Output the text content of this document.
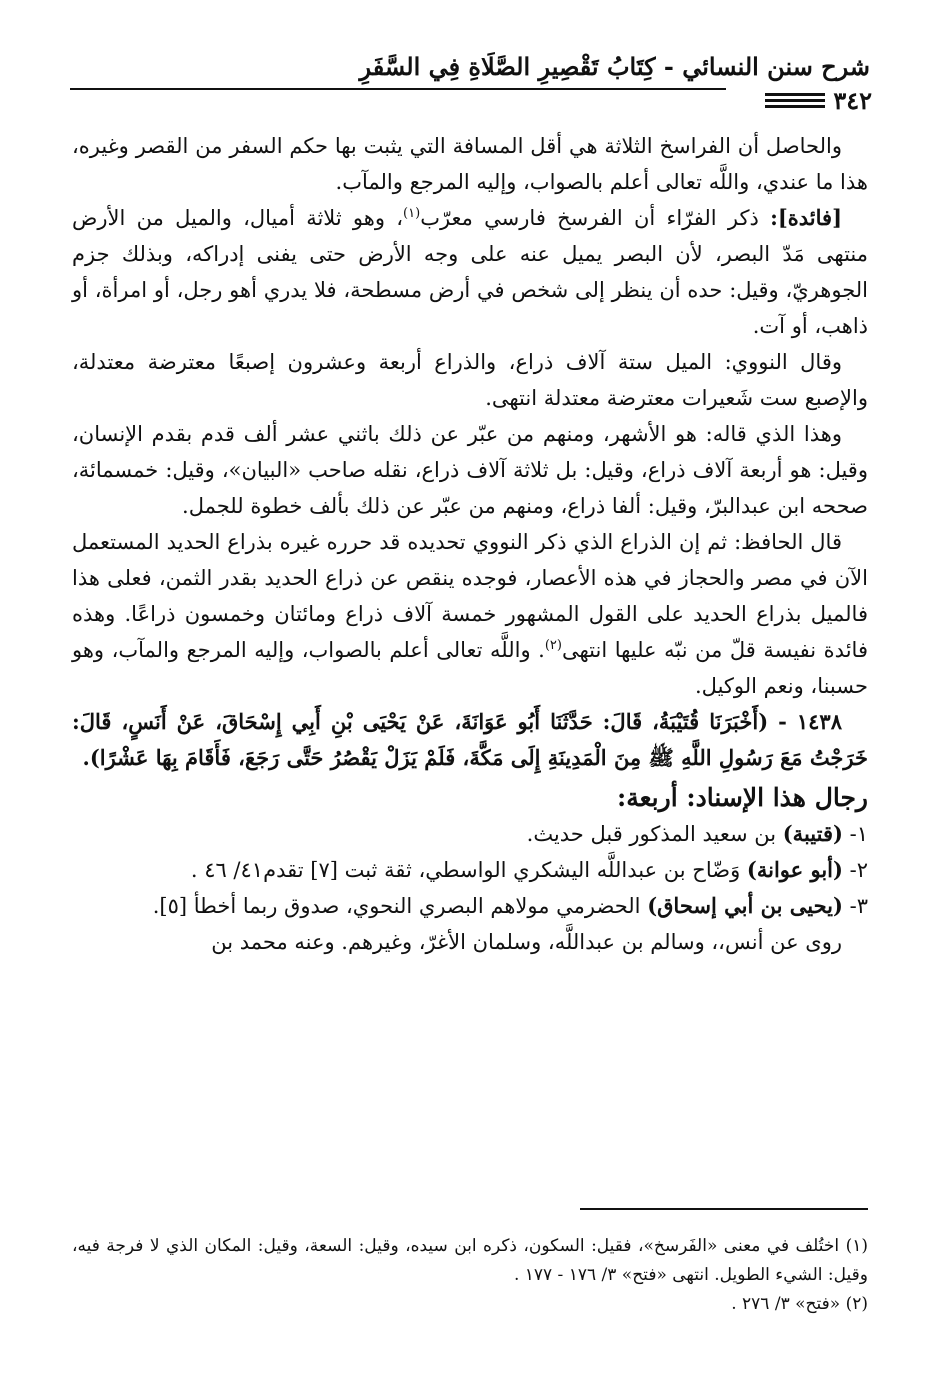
شرح سنن النسائي - كِتَابُ تَقْصِيرِ الصَّلَاةِ فِي السَّفَرِ
٣٤٢

والحاصل أن الفراسخ الثلاثة هي أقل المسافة التي يثبت بها حكم السفر من القصر وغيره، هذا ما عندي، واللَّه تعالى أعلم بالصواب، وإليه المرجع والمآب.

[فائدة]: ذكر الفرّاء أن الفرسخ فارسي معرّب$^{(١)}$، وهو ثلاثة أميال، والميل من الأرض منتهى مَدّ البصر، لأن البصر يميل عنه على وجه الأرض حتى يفنى إدراكه، وبذلك جزم الجوهريّ، وقيل: حده أن ينظر إلى شخص في أرض مسطحة، فلا يدري أهو رجل، أو امرأة، أو ذاهب، أو آت.

وقال النووي: الميل ستة آلاف ذراع، والذراع أربعة وعشرون إصبعًا معترضة معتدلة، والإصبع ست شَعيرات معترضة معتدلة انتهى.

وهذا الذي قاله: هو الأشهر، ومنهم من عبّر عن ذلك باثني عشر ألف قدم بقدم الإنسان، وقيل: هو أربعة آلاف ذراع، وقيل: بل ثلاثة آلاف ذراع، نقله صاحب «البيان»، وقيل: خمسمائة، صححه ابن عبدالبرّ، وقيل: ألفا ذراع، ومنهم من عبّر عن ذلك بألف خطوة للجمل.

قال الحافظ: ثم إن الذراع الذي ذكر النووي تحديده قد حرره غيره بذراع الحديد المستعمل الآن في مصر والحجاز في هذه الأعصار، فوجده ينقص عن ذراع الحديد بقدر الثمن، فعلى هذا فالميل بذراع الحديد على القول المشهور خمسة آلاف ذراع ومائتان وخمسون ذراعًا. وهذه فائدة نفيسة قلّ من نبّه عليها انتهى$^{(٢)}$. واللَّه تعالى أعلم بالصواب، وإليه المرجع والمآب، وهو حسبنا، ونعم الوكيل.

١٤٣٨ - (أَخْبَرَنَا قُتَيْبَةُ، قَالَ: حَدَّثَنَا أَبُو عَوَانَةَ، عَنْ يَحْيَى بْنِ أَبِي إِسْحَاقَ، عَنْ أَنَسٍ، قَالَ: خَرَجْتُ مَعَ رَسُولِ اللَّهِ ﷺ مِنَ الْمَدِينَةِ إِلَى مَكَّةَ، فَلَمْ يَزَلْ يَقْصُرُ حَتَّى رَجَعَ، فَأَقَامَ بِهَا عَشْرًا).

رجال هذا الإسناد: أربعة:

١- (قتيبة) بن سعيد المذكور قبل حديث.

٢- (أبو عوانة) وَضّاح بن عبداللَّه اليشكري الواسطي، ثقة ثبت [٧] تقدم٤١/ ٤٦ .

٣- (يحيى بن أبي إسحاق) الحضرمي مولاهم البصري النحوي، صدوق ربما أخطأ [٥].

روى عن أنس،، وسالم بن عبداللَّه، وسلمان الأغرّ، وغيرهم. وعنه محمد بن

(١) اختُلف في معنى «الفَرسخ»، فقيل: السكون، ذكره ابن سيده، وقيل: السعة، وقيل: المكان الذي لا فرجة فيه، وقيل: الشيء الطويل. انتهى «فتح» ٣/ ١٧٦ - ١٧٧ .

(٢) «فتح» ٣/ ٢٧٦ .
